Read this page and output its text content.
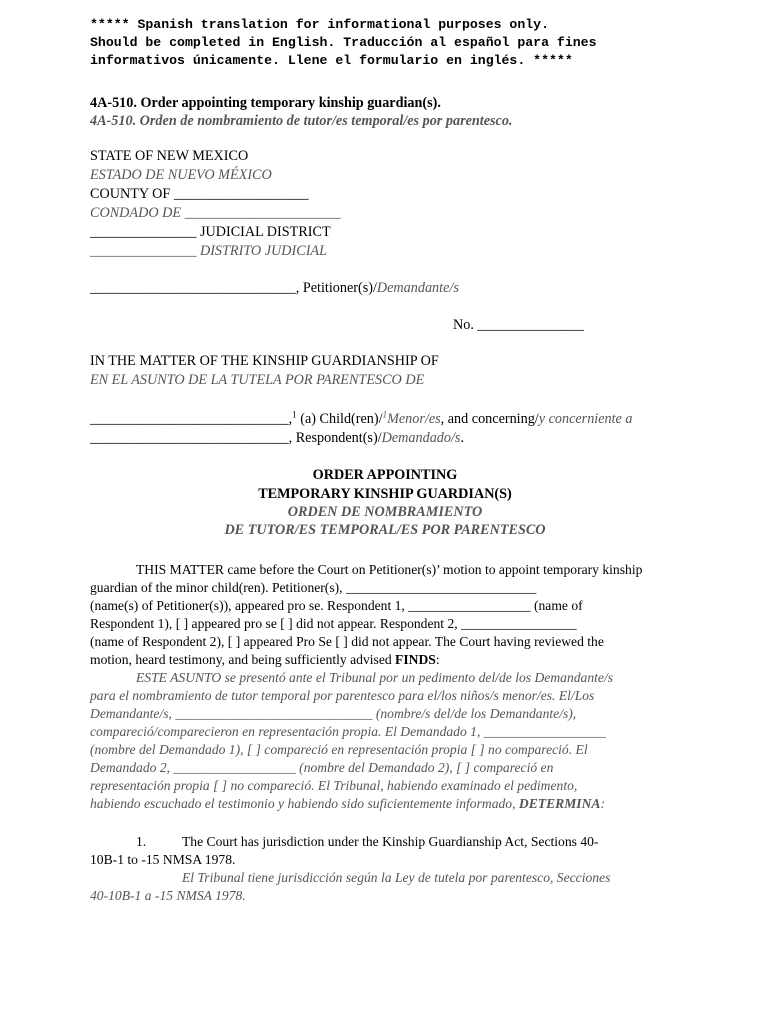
***** Spanish translation for informational purposes only.
Should be completed in English. Traducción al español para fines
informativos únicamente. Llene el formulario en inglés. *****
4A-510. Order appointing temporary kinship guardian(s).
4A-510. Orden de nombramiento de tutor/es temporal/es por parentesco.
STATE OF NEW MEXICO
ESTADO DE NUEVO MÉXICO
COUNTY OF ___________________
CONDADO DE ______________________
_______________ JUDICIAL DISTRICT
_______________ DISTRITO JUDICIAL
_____________________________, Petitioner(s)/Demandante/s
No. _______________
IN THE MATTER OF THE KINSHIP GUARDIANSHIP OF
EN EL ASUNTO DE LA TUTELA POR PARENTESCO DE
____________________________,$^1$ (a) Child(ren)/$^1$Menor/es, and concerning/y concerniente a
____________________________, Respondent(s)/Demandado/s.
ORDER APPOINTING
TEMPORARY KINSHIP GUARDIAN(S)
ORDEN DE NOMBRAMIENTO
DE TUTOR/ES TEMPORAL/ES POR PARENTESCO
THIS MATTER came before the Court on Petitioner(s)’ motion to appoint temporary kinship
guardian of the minor child(ren). Petitioner(s), ____________________________
(name(s) of Petitioner(s)), appeared pro se. Respondent 1, __________________ (name of
Respondent 1), [ ] appeared pro se [ ] did not appear. Respondent 2, _________________
(name of Respondent 2), [ ] appeared Pro Se [ ] did not appear. The Court having reviewed the
motion, heard testimony, and being sufficiently advised FINDS:
ESTE ASUNTO se presentó ante el Tribunal por un pedimento del/de los Demandante/s
para el nombramiento de tutor temporal por parentesco para el/los niños/s menor/es. El/Los
Demandante/s, _____________________________ (nombre/s del/de los Demandante/s),
compareció/comparecieron en representación propia. El Demandado 1, __________________
(nombre del Demandado 1), [ ] compareció en representación propia [ ] no compareció. El
Demandado 2, __________________ (nombre del Demandado 2), [ ] compareció en
representación propia [ ] no compareció. El Tribunal, habiendo examinado el pedimento,
habiendo escuchado el testimonio y habiendo sido suficientemente informado, DETERMINA:
1.	The Court has jurisdiction under the Kinship Guardianship Act, Sections 40-
10B-1 to -15 NMSA 1978.
El Tribunal tiene jurisdicción según la Ley de tutela por parentesco, Secciones
40-10B-1 a -15 NMSA 1978.
